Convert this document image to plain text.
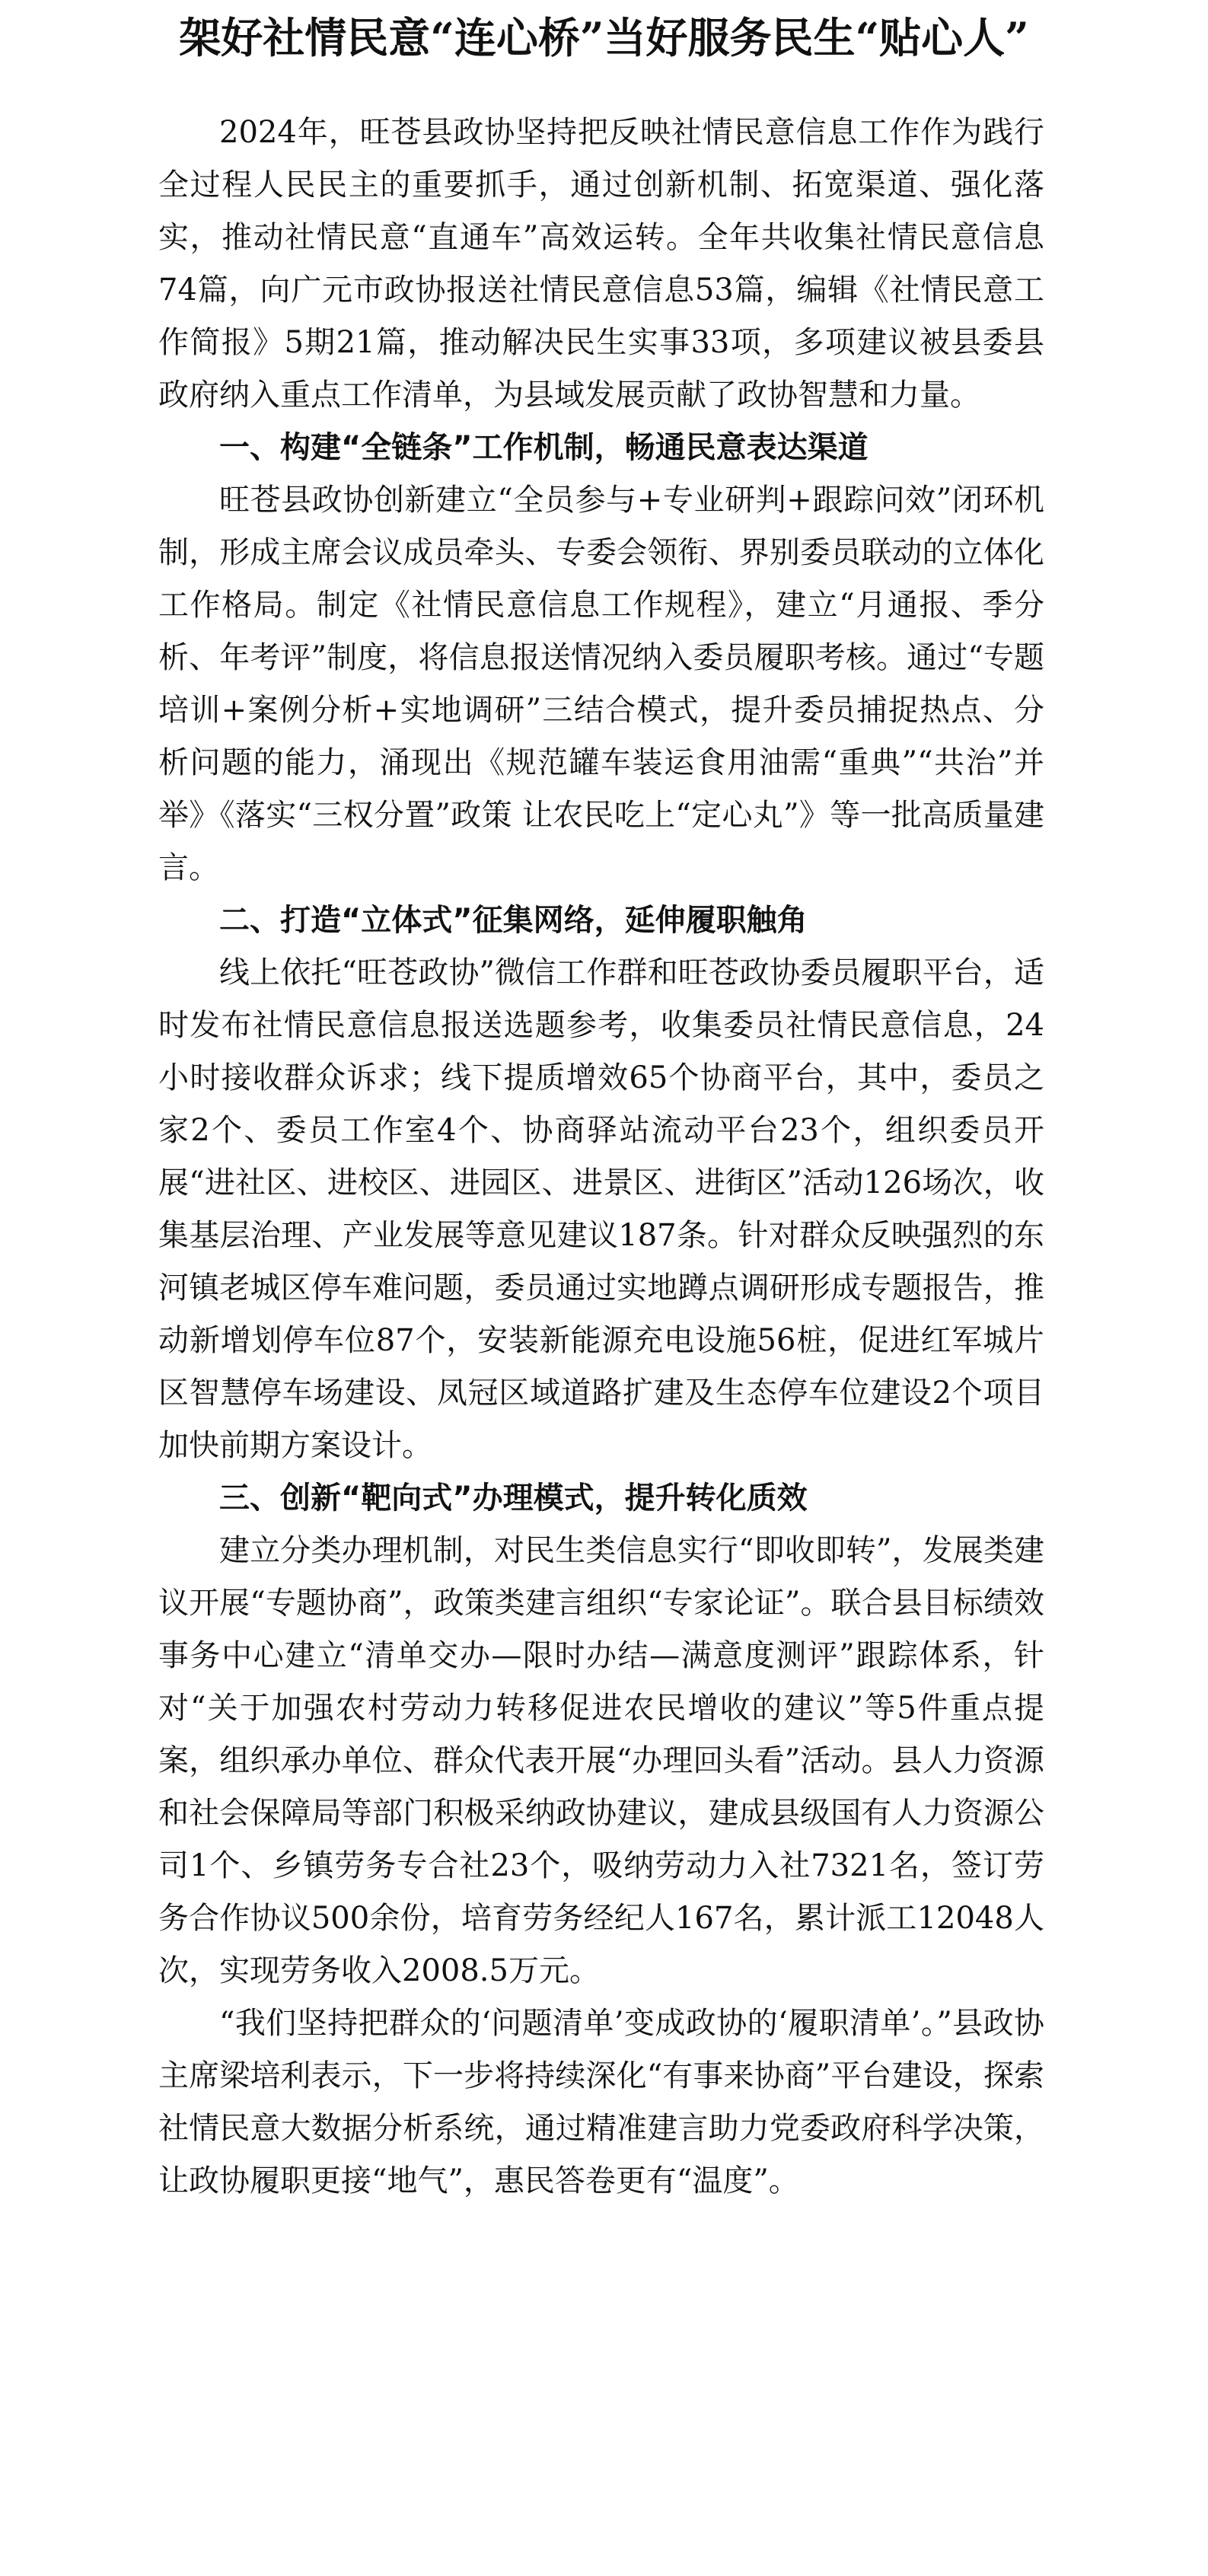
架好社情民意“连心桥”当好服务民生“贴心人”

2024年，旺苍县政协坚持把反映社情民意信息工作作为践行全过程人民民主的重要抓手，通过创新机制、拓宽渠道、强化落实，推动社情民意“直通车”高效运转。全年共收集社情民意信息74篇，向广元市政协报送社情民意信息53篇，编辑《社情民意工作简报》5期21篇，推动解决民生实事33项，多项建议被县委县政府纳入重点工作清单，为县域发展贡献了政协智慧和力量。

一、构建“全链条”工作机制，畅通民意表达渠道

旺苍县政协创新建立“全员参与+专业研判+跟踪问效”闭环机制，形成主席会议成员牵头、专委会领衔、界别委员联动的立体化工作格局。制定《社情民意信息工作规程》，建立“月通报、季分析、年考评”制度，将信息报送情况纳入委员履职考核。通过“专题培训+案例分析+实地调研”三结合模式，提升委员捕捉热点、分析问题的能力，涌现出《规范罐车装运食用油需“重典”“共治”并举》《落实“三权分置”政策 让农民吃上“定心丸”》等一批高质量建言。

二、打造“立体式”征集网络，延伸履职触角

线上依托“旺苍政协”微信工作群和旺苍政协委员履职平台，适时发布社情民意信息报送选题参考，收集委员社情民意信息，24小时接收群众诉求；线下提质增效65个协商平台，其中，委员之家2个、委员工作室4个、协商驿站流动平台23个，组织委员开展“进社区、进校区、进园区、进景区、进街区”活动126场次，收集基层治理、产业发展等意见建议187条。针对群众反映强烈的东河镇老城区停车难问题，委员通过实地蹲点调研形成专题报告，推动新增划停车位87个，安装新能源充电设施56桩，促进红军城片区智慧停车场建设、凤冠区域道路扩建及生态停车位建设2个项目加快前期方案设计。

三、创新“靶向式”办理模式，提升转化质效

建立分类办理机制，对民生类信息实行“即收即转”，发展类建议开展“专题协商”，政策类建言组织“专家论证”。联合县目标绩效事务中心建立“清单交办—限时办结—满意度测评”跟踪体系，针对“关于加强农村劳动力转移促进农民增收的建议”等5件重点提案，组织承办单位、群众代表开展“办理回头看”活动。县人力资源和社会保障局等部门积极采纳政协建议，建成县级国有人力资源公司1个、乡镇劳务专合社23个，吸纳劳动力入社7321名，签订劳务合作协议500余份，培育劳务经纪人167名，累计派工12048人次，实现劳务收入2008.5万元。

“我们坚持把群众的‘问题清单’变成政协的‘履职清单’。”县政协主席梁培利表示，下一步将持续深化“有事来协商”平台建设，探索社情民意大数据分析系统，通过精准建言助力党委政府科学决策，让政协履职更接“地气”，惠民答卷更有“温度”。
